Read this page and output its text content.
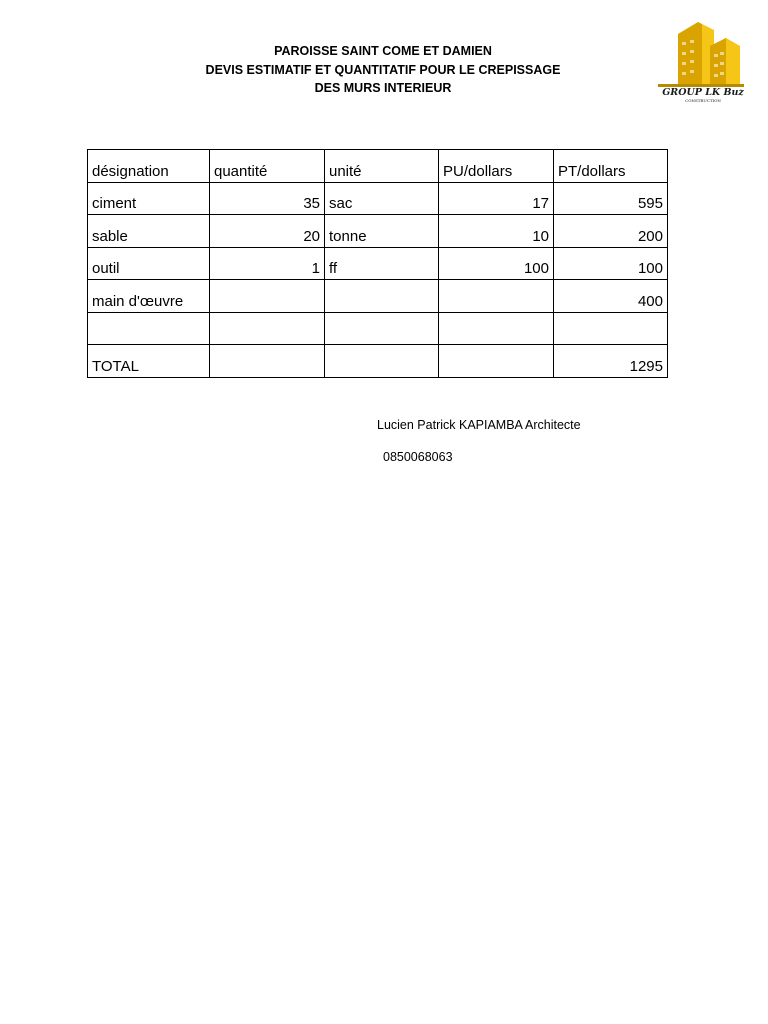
PAROISSE SAINT COME ET DAMIEN
DEVIS ESTIMATIF ET QUANTITATIF POUR LE CREPISSAGE
DES MURS INTERIEUR	GROUP LK Buz
CONSTRUCTION
désignation	quantité	unité	PU/dollars	PT/dollars
ciment	35	sac	17	595
sable	20	tonne	10	200
outil	1	ff	100	100
main d'œuvre				400

TOTAL				1295
Lucien Patrick KAPIAMBA Architecte
0850068063
